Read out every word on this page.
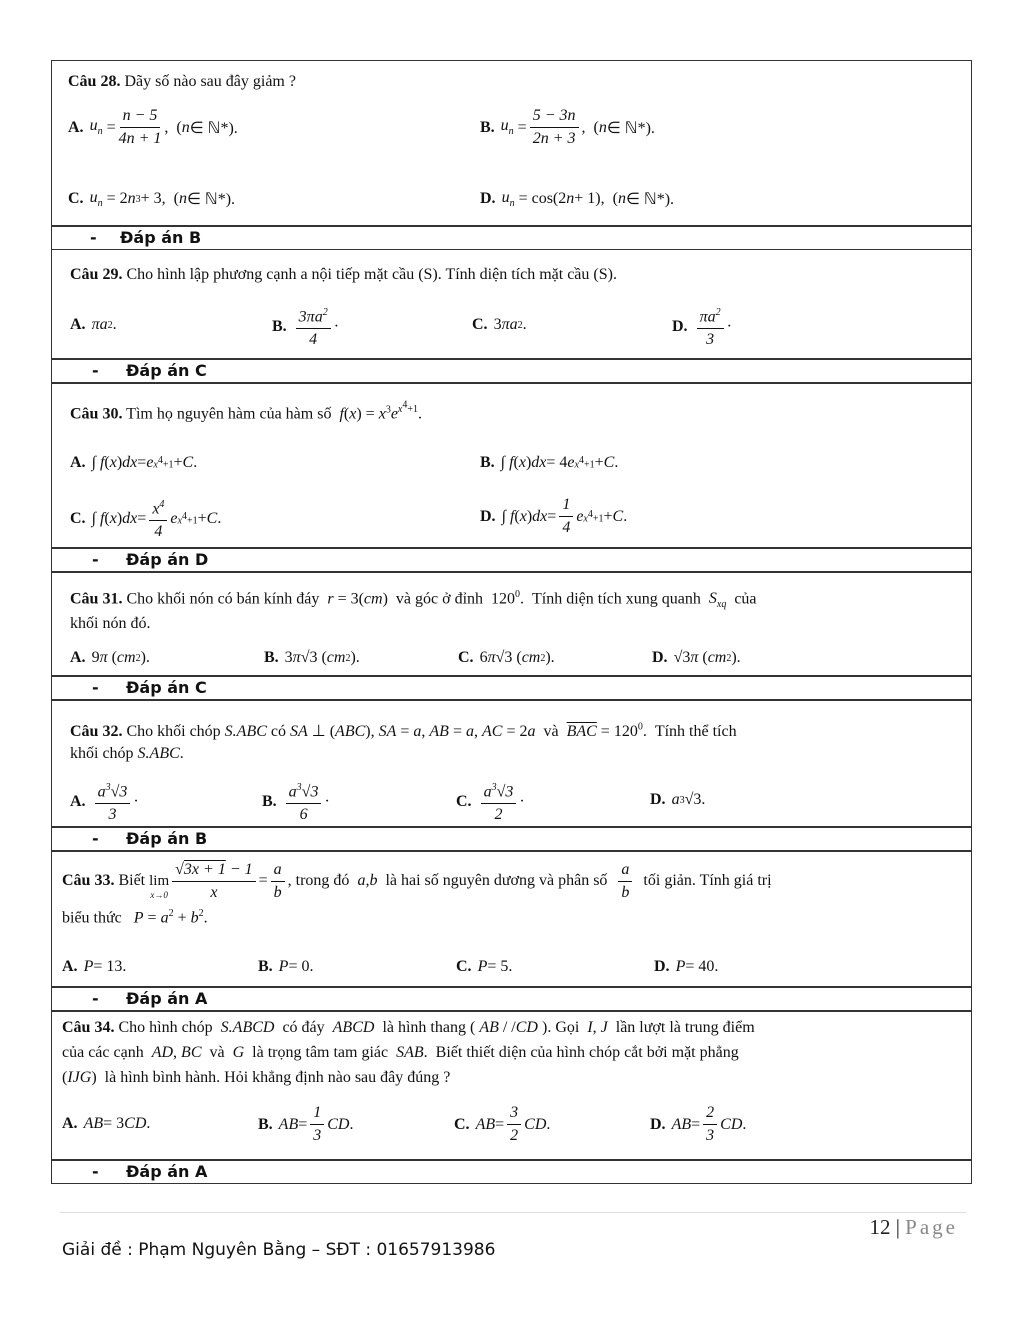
Câu 28. Dãy số nào sau đây giảm ?
A. $u_n = \frac{n - 5}{4n + 1}$ ,  ( n ∈ ℕ*).	B. $u_n = \frac{5 - 3n}{2n + 3}$ ,  ( n ∈ ℕ*).
C. $u_n = 2$ n 3 + 3,  ( n ∈ ℕ*).	D. $u_n = \cos(2$ n + 1),  ( n ∈ ℕ*).
- Đáp án B
Câu 29. Cho hình lập phương cạnh a nội tiếp mặt cầu (S). Tính diện tích mặt cầu (S).
A. πa 2 .	B. $\frac{3\pi a^2}{4}$ ·	C. 3 πa 2 .	D. $\frac{\pi a^2}{3}$ ·
- Đáp án C
Câu 30. Tìm họ nguyên hàm của hàm số  $f(x) = x^3e^{x^4+1}$.
A. ∫ f ( x ) dx = e $x^4+1 + C$ .	B. ∫ f ( x ) dx = 4 e $x^4+1 + C$ .
C. ∫ f ( x ) dx = $\frac{x^4}{4}$ e $x^4+1 + C$ .	D. ∫ f ( x ) dx = $\frac{1}{4}$ e $x^4+1 + C$ .
- Đáp án D
Câu 31. Cho khối nón có bán kính đáy  r = 3(cm)  và góc ở đỉnh  $120^0$.  Tính diện tích xung quanh  $S_{xq}$  của
khối nón đó.
A. 9 π ( cm 2 ).	B. 3 π √3 ( cm 2 ).	C. 6 π √3 ( cm 2 ).	D. √3 π ( cm 2 ).
- Đáp án C
Câu 32. Cho khối chóp S.ABC có SA ⊥ (ABC), SA = a, AB = a, AC = 2a  và  $\overline{BAC} = 120^0$.  Tính thể tích
khối chóp S.ABC.
A. $\frac{a^3√3}{3}$ ·	B. $\frac{a^3√3}{6}$ ·	C. $\frac{a^3√3}{2}$ ·	D. a 3 √3.
- Đáp án B
Câu 33. Biết lim
$x\to 0 \frac{√3x + 1 - 1}{x} = \frac{a}{b}$ , trong đó a,b là hai số nguyên dương và phân số $\frac{a}{b}$ tối giản. Tính giá trị
biểu thức   $P = a^2 + b^2$.
A. P = 13.	B. P = 0.	C. P = 5.	D. P = 40.
- Đáp án A
Câu 34. Cho hình chóp  S.ABCD  có đáy  ABCD  là hình thang ( AB / /CD ). Gọi  I, J  lần lượt là trung điểm
của các cạnh  AD, BC  và  G  là trọng tâm tam giác  SAB.  Biết thiết diện của hình chóp cắt bởi mặt phẳng
(IJG)  là hình bình hành. Hỏi khẳng định nào sau đây đúng ?
A. AB = 3 CD .	B. AB = $\frac{1}{3}$ CD .	C. AB = $\frac{3}{2}$ CD .	D. AB = $\frac{2}{3}$ CD .
- Đáp án A
12 | Page
Giải đề : Phạm Nguyên Bằng – SĐT : 01657913986
